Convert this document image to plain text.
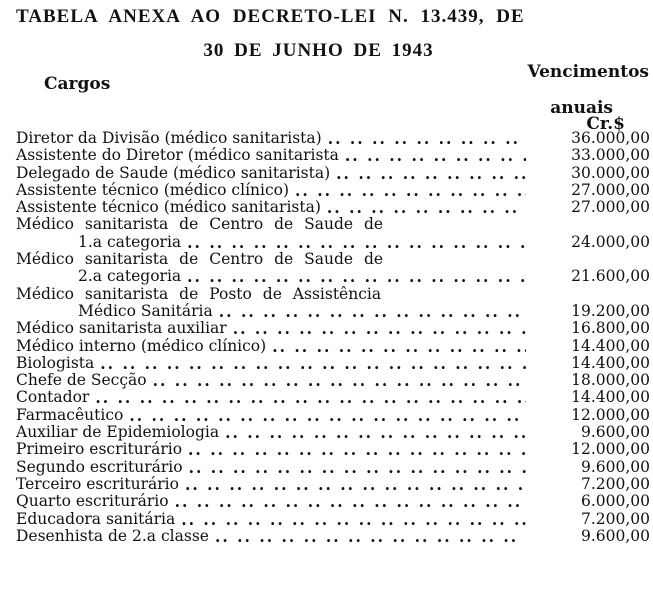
TABELA ANEXA AO DECRETO-LEI N. 13.439, DE
30 DE JUNHO DE 1943
Cargos
Vencimentos
anuais
Cr.$
Diretor da Divisão (médico sanitarista) .. ..	36.000,00
Assistente do Diretor (médico sanitarista .. ..	33.000,00
Delegado de Saude (médico sanitarista) .. ..	30.000,00
Assistente técnico (médico clínico) .. ..	27.000,00
Assistente técnico (médico sanitarista) .. ..	27.000,00
Médico sanitarista de Centro de Saude de
1.a categoria .. ..	24.000,00
Médico sanitarista de Centro de Saude de
2.a categoria .. ..	21.600,00
Médico sanitarista de Posto de Assistência
Médico Sanitária .. ..	19.200,00
Médico sanitarista auxiliar .. ..	16.800,00
Médico interno (médico clínico) .. ..	14.400,00
Biologista .. ..	14.400,00
Chefe de Secção .. ..	18.000,00
Contador .. ..	14.400,00
Farmacêutico .. ..	12.000,00
Auxiliar de Epidemiologia .. ..	9.600,00
Primeiro escriturário .. ..	12.000,00
Segundo escriturário .. ..	9.600,00
Terceiro escriturário .. ..	7.200,00
Quarto escriturário .. ..	6.000,00
Educadora sanitária .. ..	7.200,00
Desenhista de 2.a classe .. ..	9.600,00
